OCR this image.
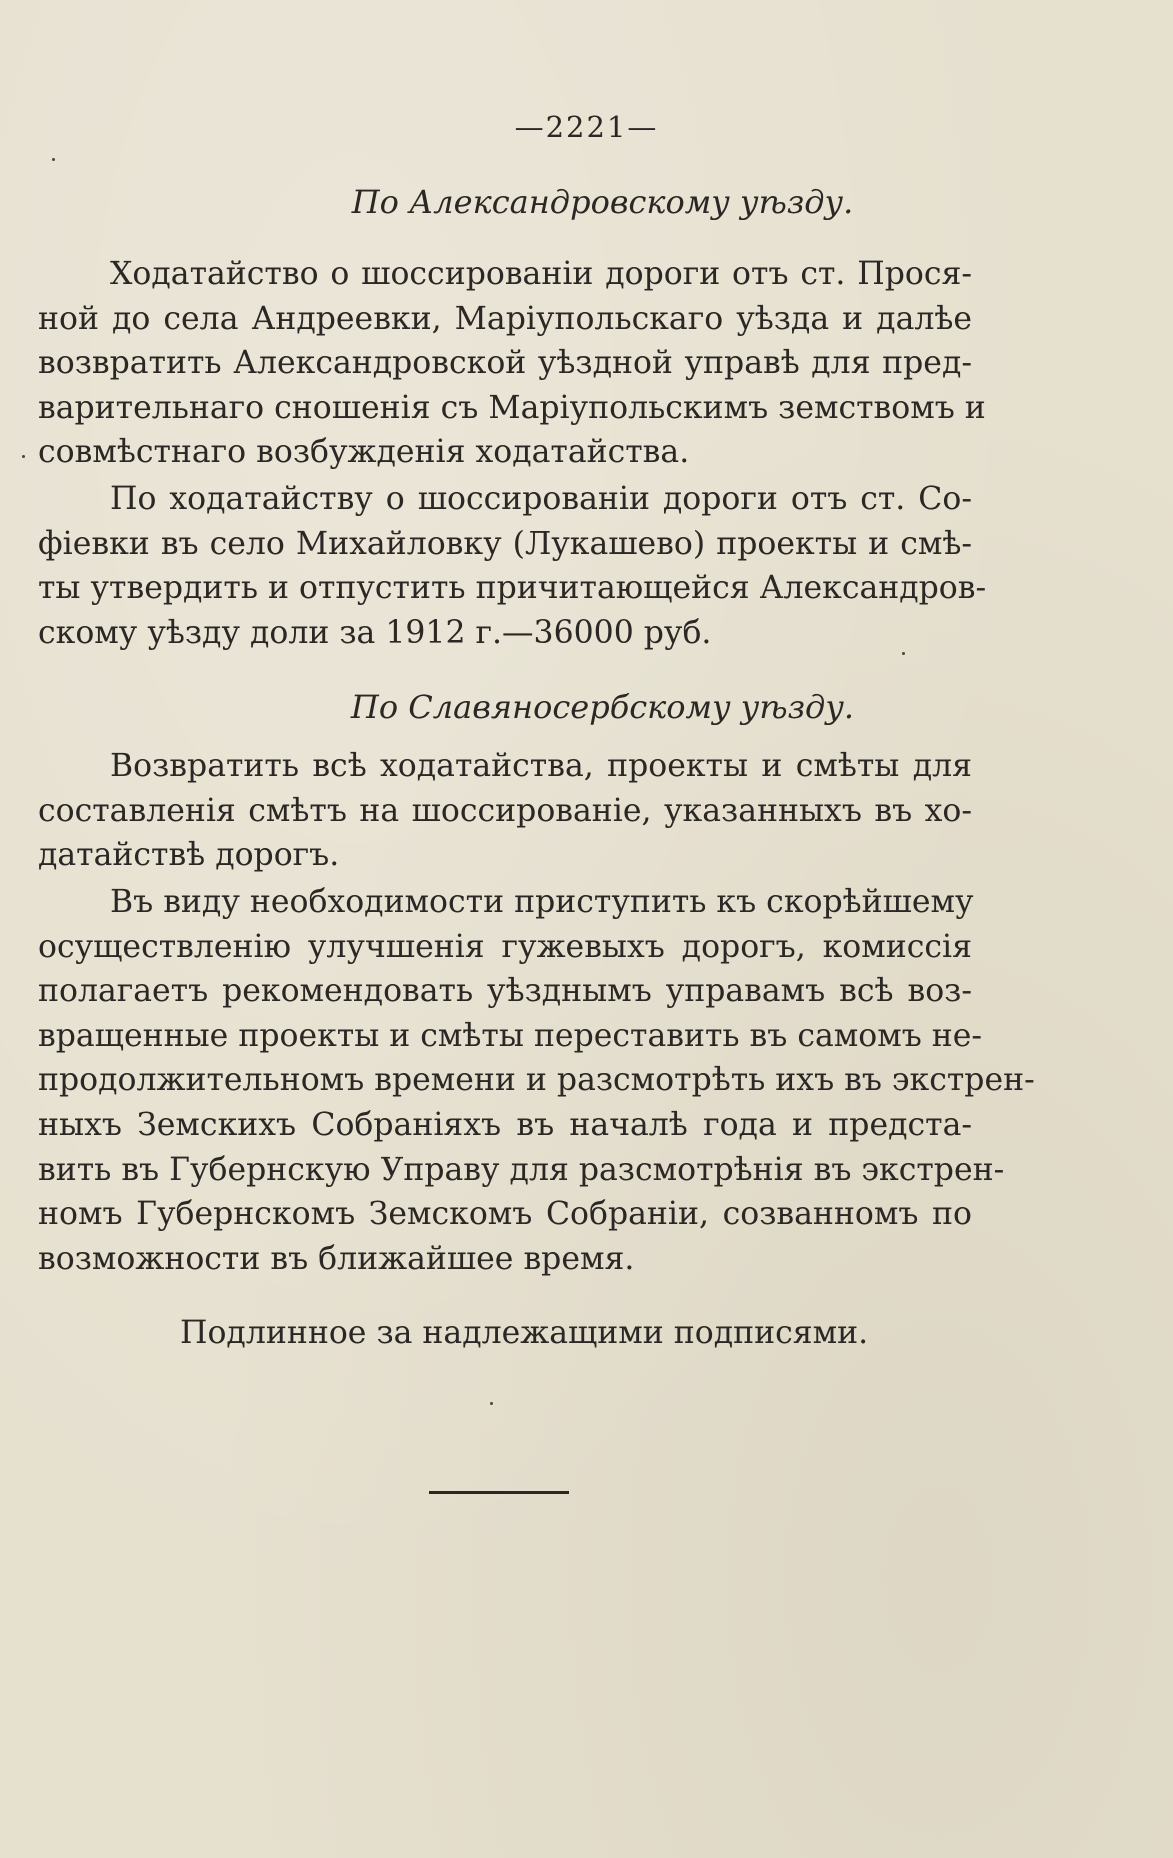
—2221—
По Александровскому уѣзду.

Ходатайство о шоссированіи дороги отъ ст. Прося-
ной до села Андреевки, Маріупольскаго уѣзда и далѣе
возвратить Александровской уѣздной управѣ для пред-
варительнаго сношенія съ Маріупольскимъ земствомъ и
совмѣстнаго возбужденія ходатайства.

По ходатайству о шоссированіи дороги отъ ст. Со-
фіевки въ село Михайловку (Лукашево) проекты и смѣ-
ты утвердить и отпустить причитающейся Александров-
скому уѣзду доли за 1912 г.—36000 руб.

По Славяносербскому уѣзду.

Возвратить всѣ ходатайства, проекты и смѣты для
составленія смѣтъ на шоссированіе, указанныхъ въ хо-
датайствѣ дорогъ.

Въ виду необходимости приступить къ скорѣйшему
осуществленію улучшенія гужевыхъ дорогъ, комиссія
полагаетъ рекомендовать уѣзднымъ управамъ всѣ воз-
вращенные проекты и смѣты переставить въ самомъ не-
продолжительномъ времени и разсмотрѣть ихъ въ экстрен-
ныхъ Земскихъ Собраніяхъ въ началѣ года и предста-
вить въ Губернскую Управу для разсмотрѣнія въ экстрен-
номъ Губернскомъ Земскомъ Собраніи, созванномъ по
возможности въ ближайшее время.

Подлинное за надлежащими подписями.
